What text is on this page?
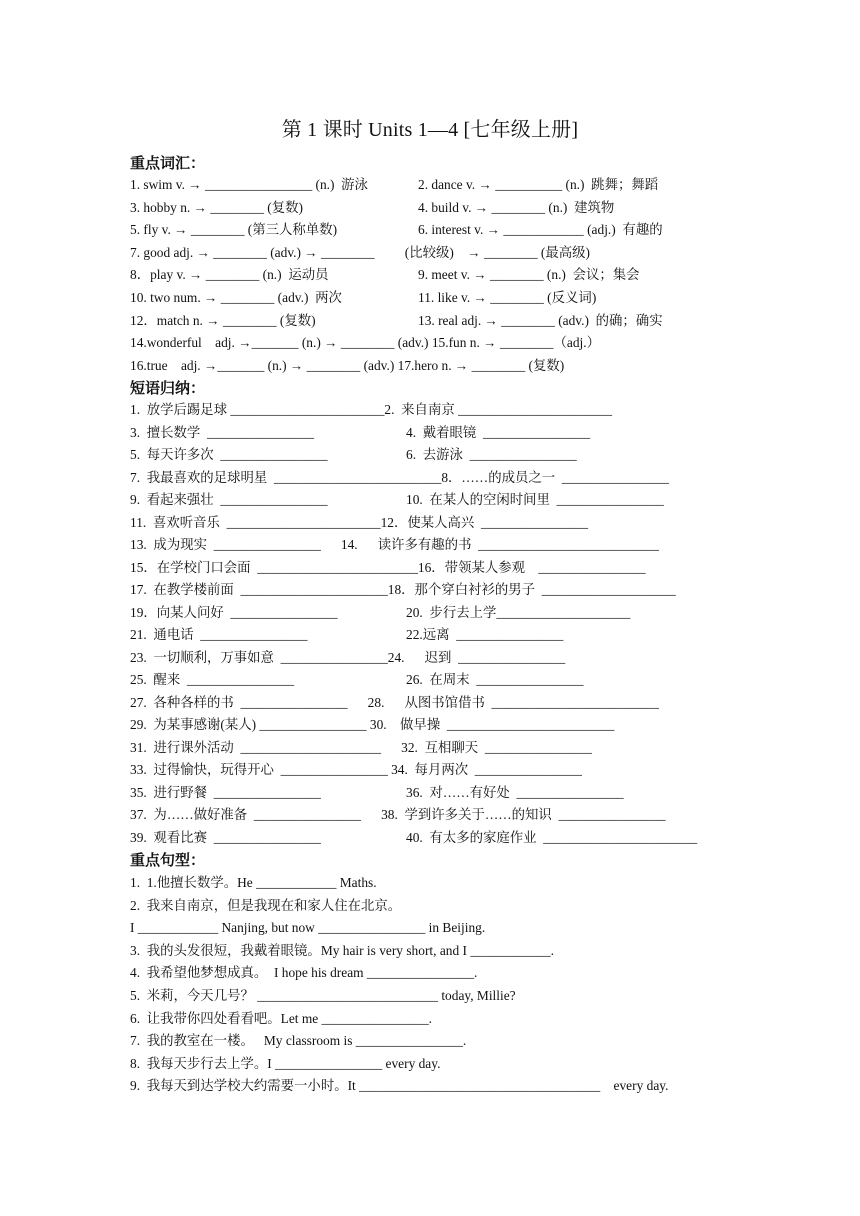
第 1 课时 Units 1—4 [七年级上册]
重点词汇：
1. swim v. → ________________ (n.)  游泳	2. dance v. → __________ (n.)  跳舞；舞蹈
3. hobby n. → ________ (复数)	4. build v. → ________ (n.)  建筑物
5. fly v. → ________ (第三人称单数)	6. interest v. → ____________ (adj.)  有趣的
7. good adj. → ________ (adv.) → ________         (比较级)    → ________ (最高级)
8．play v. → ________ (n.)  运动员	9. meet v. → ________ (n.)  会议；集会
10. two num. → ________ (adv.)  两次	11. like v. → ________ (反义词)
12．match n. → ________ (复数)	13. real adj. → ________ (adv.)  的确；确实
14.wonderful    adj. →_______ (n.) → ________ (adv.) 15.fun n. → ________（adj.）
16.true    adj. →_______ (n.) → ________ (adv.) 17.hero n. → ________ (复数)
短语归纳：
1.  放学后踢足球 _______________________2.  来自南京 _______________________
3.  擅长数学  ________________	4.  戴着眼镜  ________________
5.  每天许多次  ________________	6.  去游泳  ________________
7.  我最喜欢的足球明星  _________________________8．……的成员之一  ________________
9.  看起来强壮  ________________	10.  在某人的空闲时间里  ________________
11.  喜欢听音乐  _______________________12．使某人高兴  ________________
13.  成为现实  ________________      14.      读许多有趣的书  ___________________________
15．在学校门口会面  ________________________16．带领某人参观    ________________
17.  在教学楼前面  ______________________18．那个穿白衬衫的男子  ____________________
19．向某人问好  ________________	20.  步行去上学____________________
21.  通电话  ________________	22.远离  ________________
23.  一切顺利，万事如意  ________________24.      迟到  ________________
25.  醒来  ________________	26.  在周末  ________________
27.  各种各样的书  ________________      28.      从图书馆借书  _________________________
29.  为某事感谢(某人) ________________ 30.    做早操  _________________________
31.  进行课外活动  _____________________      32.  互相聊天  ________________
33.  过得愉快，玩得开心  ________________ 34.  每月两次  ________________
35.  进行野餐  ________________	36.  对……有好处  ________________
37.  为……做好准备  ________________      38.  学到许多关于……的知识  ________________
39.  观看比赛  ________________	40.  有太多的家庭作业  _______________________
重点句型：
1.  1.他擅长数学。He ____________ Maths.
2.  我来自南京，但是我现在和家人住在北京。
I ____________ Nanjing, but now ________________ in Beijing.
3.  我的头发很短，我戴着眼镜。My hair is very short, and I ____________.
4.  我希望他梦想成真。  I hope his dream ________________.
5.  米莉，今天几号？ ___________________________ today, Millie?
6.  让我带你四处看看吧。Let me ________________.
7.  我的教室在一楼。   My classroom is ________________.
8.  我每天步行去上学。I ________________ every day.
9.  我每天到达学校大约需要一小时。It ____________________________________    every day.
